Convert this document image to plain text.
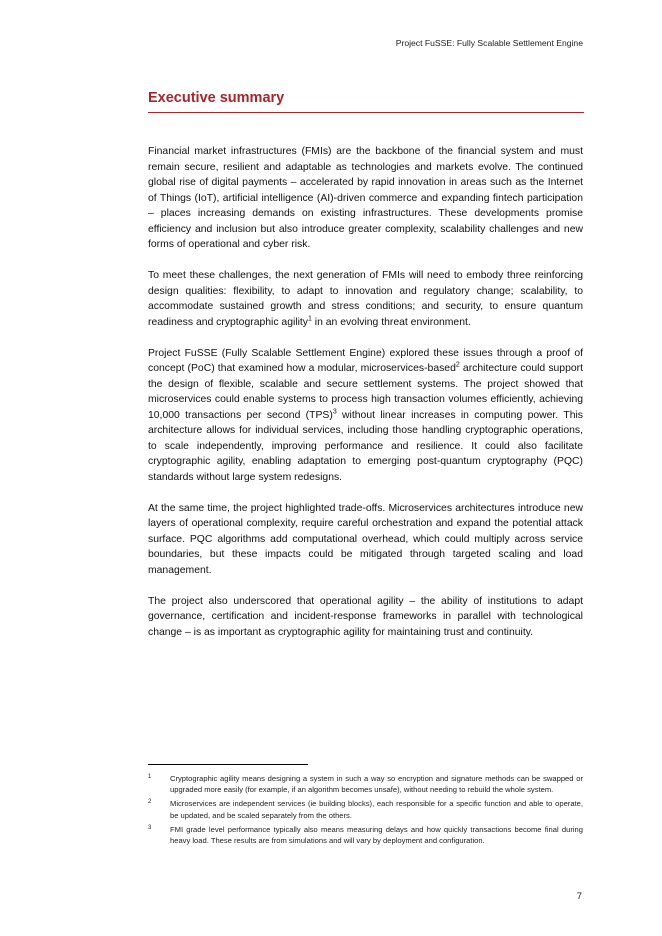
Project FuSSE: Fully Scalable Settlement Engine
Executive summary

Financial market infrastructures (FMIs) are the backbone of the financial system and must remain secure, resilient and adaptable as technologies and markets evolve. The continued global rise of digital payments – accelerated by rapid innovation in areas such as the Internet of Things (IoT), artificial intelligence (AI)-driven commerce and expanding fintech participation – places increasing demands on existing infrastructures. These developments promise efficiency and inclusion but also introduce greater complexity, scalability challenges and new forms of operational and cyber risk.

To meet these challenges, the next generation of FMIs will need to embody three reinforcing design qualities: flexibility, to adapt to innovation and regulatory change; scalability, to accommodate sustained growth and stress conditions; and security, to ensure quantum readiness and cryptographic agility$^1$ in an evolving threat environment.

Project FuSSE (Fully Scalable Settlement Engine) explored these issues through a proof of concept (PoC) that examined how a modular, microservices-based$^2$ architecture could support the design of flexible, scalable and secure settlement systems. The project showed that microservices could enable systems to process high transaction volumes efficiently, achieving 10,000 transactions per second (TPS)$^3$ without linear increases in computing power. This architecture allows for individual services, including those handling cryptographic operations, to scale independently, improving performance and resilience. It could also facilitate cryptographic agility, enabling adaptation to emerging post-quantum cryptography (PQC) standards without large system redesigns.

At the same time, the project highlighted trade-offs. Microservices architectures introduce new layers of operational complexity, require careful orchestration and expand the potential attack surface. PQC algorithms add computational overhead, which could multiply across service boundaries, but these impacts could be mitigated through targeted scaling and load management.

The project also underscored that operational agility – the ability of institutions to adapt governance, certification and incident-response frameworks in parallel with technological change – is as important as cryptographic agility for maintaining trust and continuity.

1	Cryptographic agility means designing a system in such a way so encryption and signature methods can be swapped or upgraded more easily (for example, if an algorithm becomes unsafe), without needing to rebuild the whole system.
2	Microservices are independent services (ie building blocks), each responsible for a specific function and able to operate, be updated, and be scaled separately from the others.
3	FMI grade level performance typically also means measuring delays and how quickly transactions become final during heavy load. These results are from simulations and will vary by deployment and configuration.
7
